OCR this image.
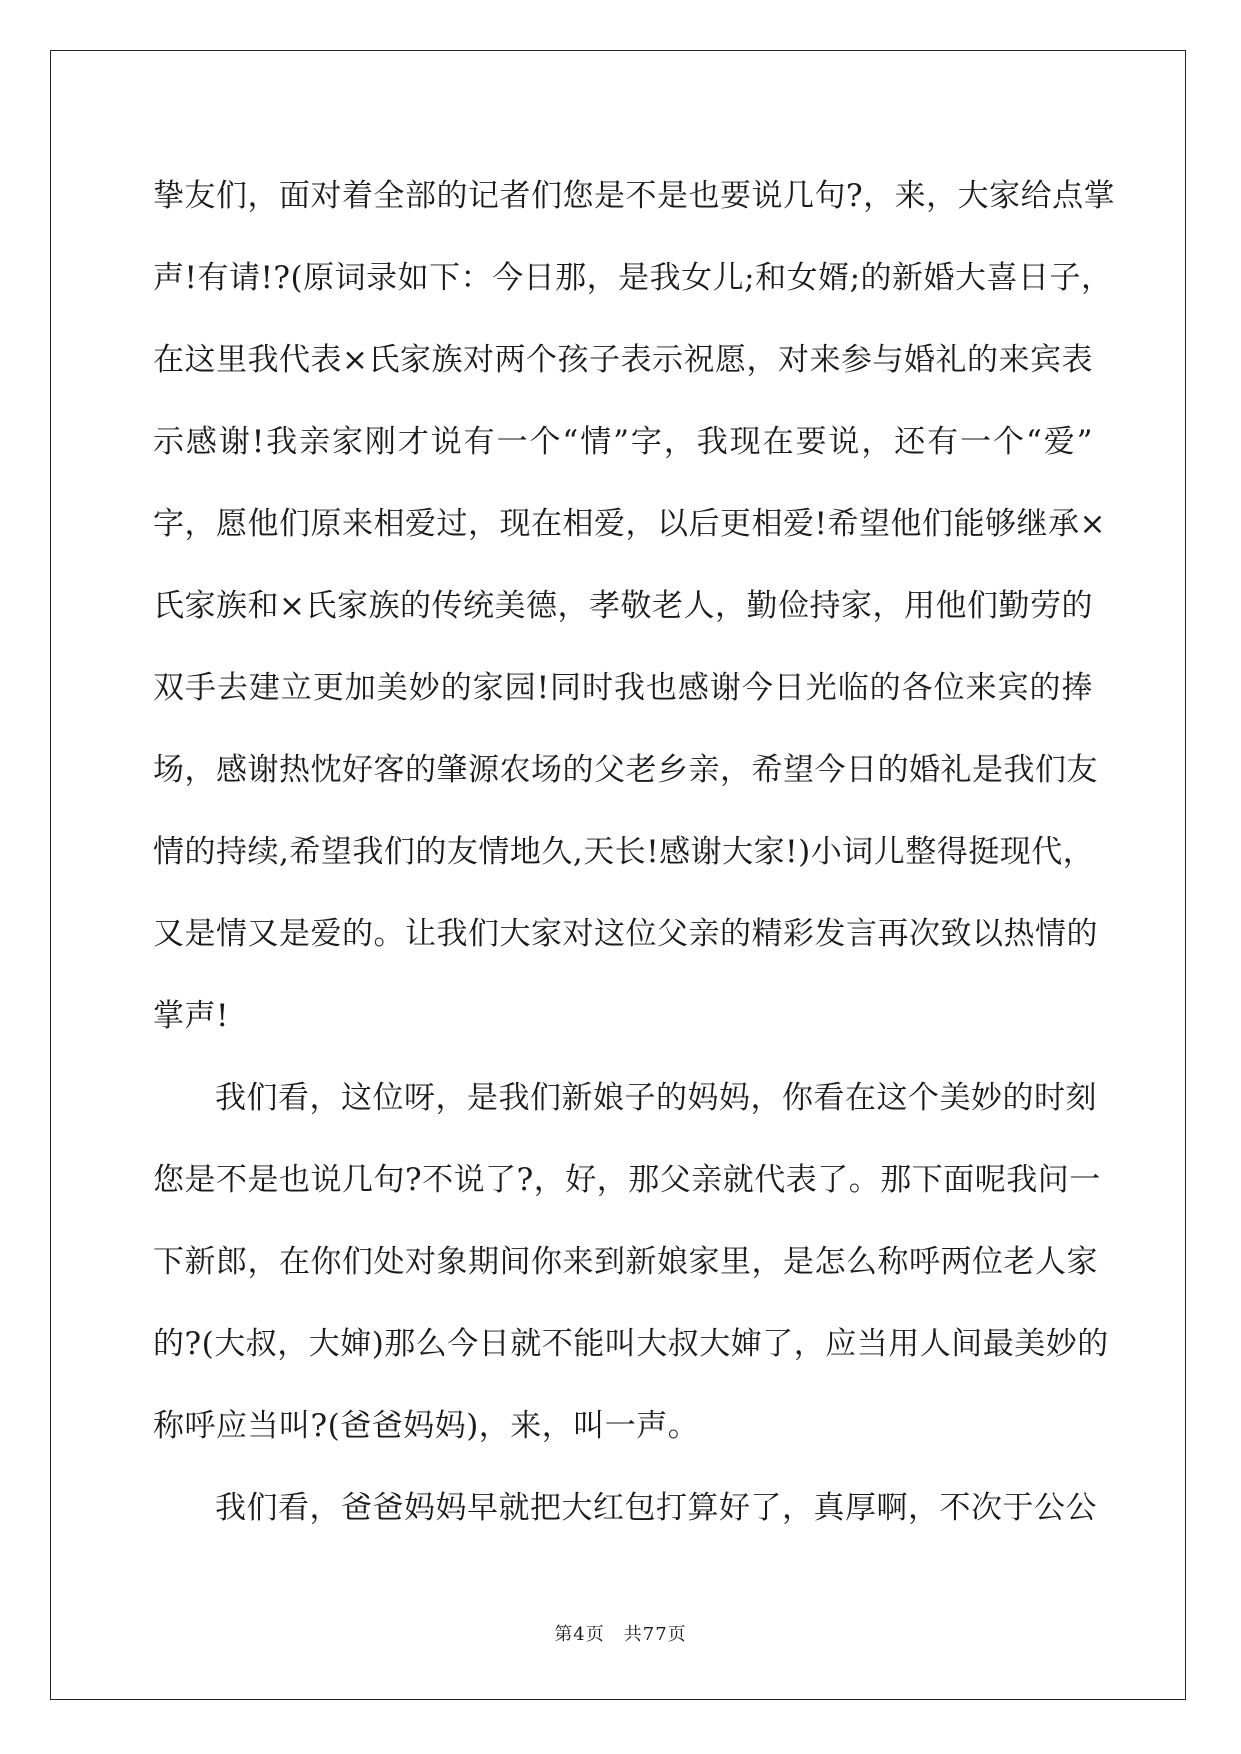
挚友们，面对着全部的记者们您是不是也要说几句?，来，大家给点掌
声!有请!?(原词录如下：今日那，是我女儿;和女婿;的新婚大喜日子，
在这里我代表×氏家族对两个孩子表示祝愿，对来参与婚礼的来宾表
示感谢!我亲家刚才说有一个“情”字，我现在要说，还有一个“爱”
字，愿他们原来相爱过，现在相爱，以后更相爱!希望他们能够继承×
氏家族和×氏家族的传统美德，孝敬老人，勤俭持家，用他们勤劳的
双手去建立更加美妙的家园!同时我也感谢今日光临的各位来宾的捧
场，感谢热忱好客的肇源农场的父老乡亲，希望今日的婚礼是我们友
情的持续,希望我们的友情地久,天长!感谢大家!)小词儿整得挺现代，
又是情又是爱的。让我们大家对这位父亲的精彩发言再次致以热情的
掌声!
我们看，这位呀，是我们新娘子的妈妈，你看在这个美妙的时刻
您是不是也说几句?不说了?，好，那父亲就代表了。那下面呢我问一
下新郎，在你们处对象期间你来到新娘家里，是怎么称呼两位老人家
的?(大叔，大婶)那么今日就不能叫大叔大婶了，应当用人间最美妙的
称呼应当叫?(爸爸妈妈)，来，叫一声。
我们看，爸爸妈妈早就把大红包打算好了，真厚啊，不次于公公
第4页　共77页
